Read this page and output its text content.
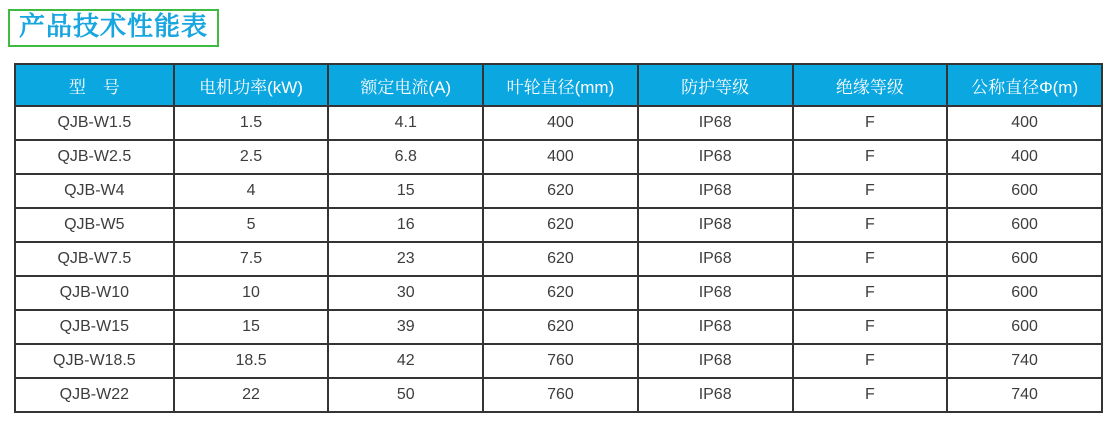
产品技术性能表
型　号	电机功率(kW)	额定电流(A)	叶轮直径(mm)	防护等级	绝缘等级	公称直径Φ(m)
QJB-W1.5	1.5	4.1	400	IP68	F	400
QJB-W2.5	2.5	6.8	400	IP68	F	400
QJB-W4	4	15	620	IP68	F	600
QJB-W5	5	16	620	IP68	F	600
QJB-W7.5	7.5	23	620	IP68	F	600
QJB-W10	10	30	620	IP68	F	600
QJB-W15	15	39	620	IP68	F	600
QJB-W18.5	18.5	42	760	IP68	F	740
QJB-W22	22	50	760	IP68	F	740
